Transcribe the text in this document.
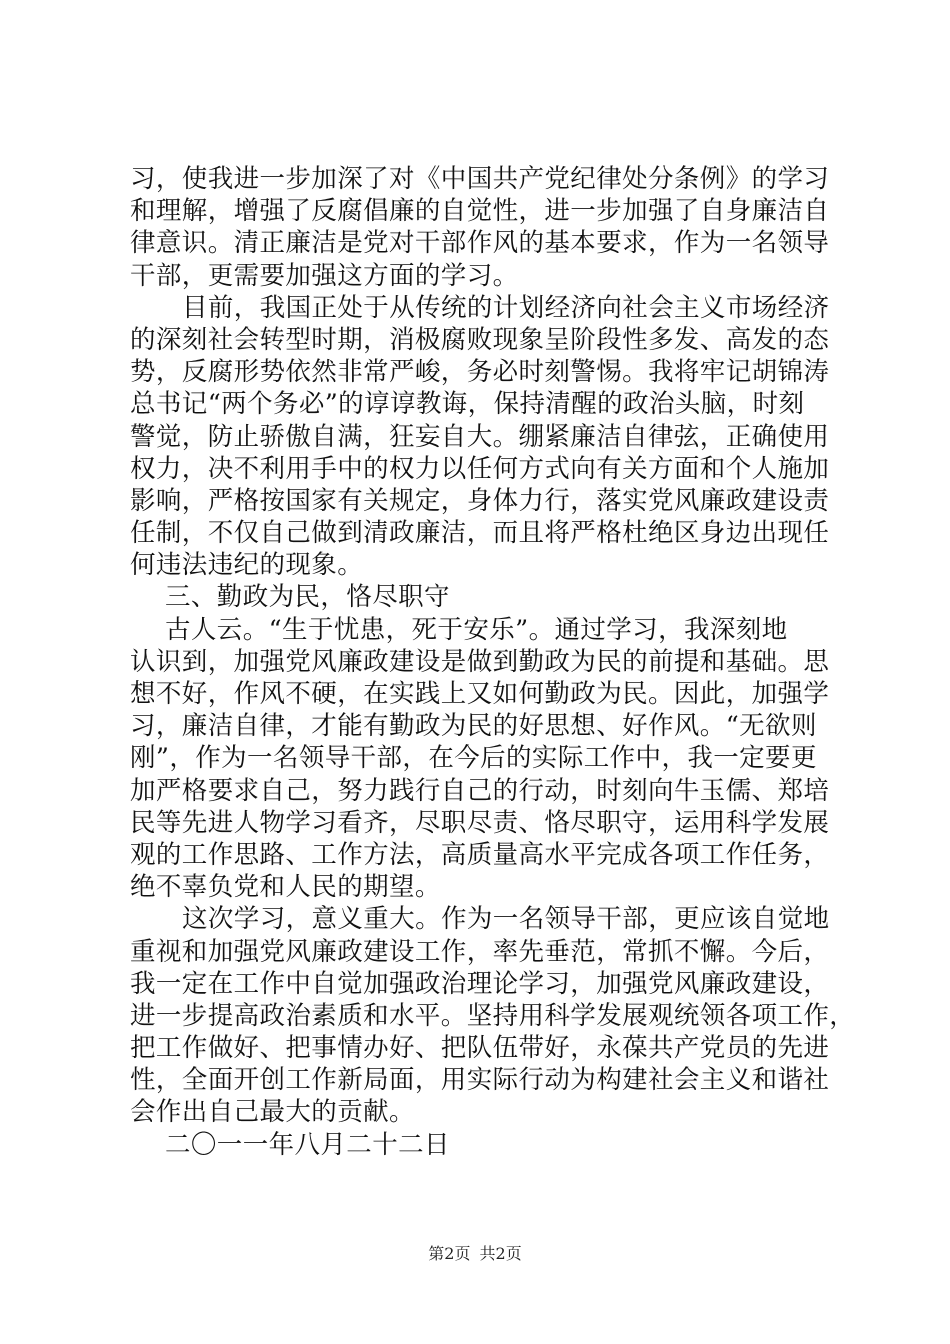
习，使我进一步加深了对《中国共产党纪律处分条例》的学习
和理解，增强了反腐倡廉的自觉性，进一步加强了自身廉洁自
律意识。清正廉洁是党对干部作风的基本要求，作为一名领导
干部，更需要加强这方面的学习。
目前，我国正处于从传统的计划经济向社会主义市场经济
的深刻社会转型时期，消极腐败现象呈阶段性多发、高发的态
势，反腐形势依然非常严峻，务必时刻警惕。我将牢记胡锦涛
总书记“两个务必”的谆谆教诲，保持清醒的政治头脑，时刻
警觉，防止骄傲自满，狂妄自大。绷紧廉洁自律弦，正确使用
权力，决不利用手中的权力以任何方式向有关方面和个人施加
影响，严格按国家有关规定，身体力行，落实党风廉政建设责
任制，不仅自己做到清政廉洁，而且将严格杜绝区身边出现任
何违法违纪的现象。
三、勤政为民，恪尽职守
古人云。“生于忧患，死于安乐”。通过学习，我深刻地
认识到，加强党风廉政建设是做到勤政为民的前提和基础。思
想不好，作风不硬，在实践上又如何勤政为民。因此，加强学
习，廉洁自律，才能有勤政为民的好思想、好作风。“无欲则
刚”，作为一名领导干部，在今后的实际工作中，我一定要更
加严格要求自己，努力践行自己的行动，时刻向牛玉儒、郑培
民等先进人物学习看齐，尽职尽责、恪尽职守，运用科学发展
观的工作思路、工作方法，高质量高水平完成各项工作任务，
绝不辜负党和人民的期望。
这次学习，意义重大。作为一名领导干部，更应该自觉地
重视和加强党风廉政建设工作，率先垂范，常抓不懈。今后，
我一定在工作中自觉加强政治理论学习，加强党风廉政建设，
进一步提高政治素质和水平。坚持用科学发展观统领各项工作，
把工作做好、把事情办好、把队伍带好，永葆共产党员的先进
性，全面开创工作新局面，用实际行动为构建社会主义和谐社
会作出自己最大的贡献。
二〇一一年八月二十二日
第2页 共2页
